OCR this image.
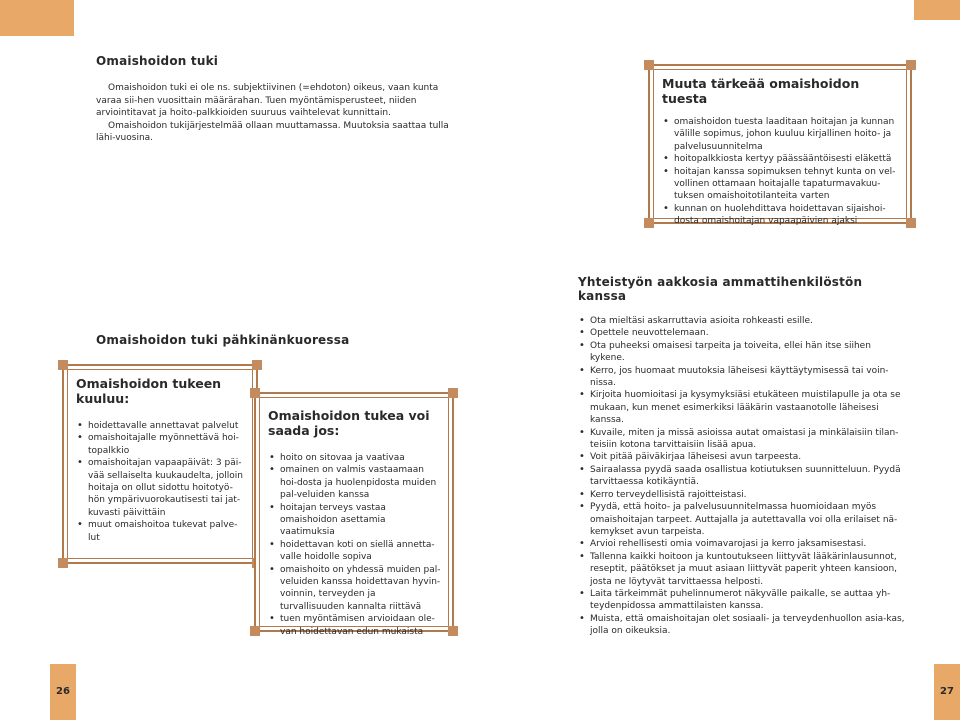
Omaishoidon tuki

Omaishoidon tuki ei ole ns. subjektiivinen (=ehdoton) oikeus, vaan kunta varaa sii-hen vuosittain määrärahan. Tuen myöntämisperusteet, niiden arviointitavat ja hoito-palkkioiden suuruus vaihtelevat kunnittain.

Omaishoidon tukijärjestelmää ollaan muuttamassa. Muutoksia saattaa tulla lähi-vuosina.

Omaishoidon tuki pähkinänkuoressa
Omaishoidon tukeen kuuluu:
• hoidettavalle annettavat palvelut
• omaishoitajalle myönnettävä hoi-topalkkio
• omaishoitajan vapaapäivät: 3 päi-vää sellaiselta kuukaudelta, jolloin hoitaja on ollut sidottu hoitotyö-hön ympärivuorokautisesti tai jat-kuvasti päivittäin
• muut omaishoitoa tukevat palve-lut
Omaishoidon tukea voi saada jos:
• hoito on sitovaa ja vaativaa
• omainen on valmis vastaamaan hoi-dosta ja huolenpidosta muiden pal-veluiden kanssa
• hoitajan terveys vastaa omaishoidon asettamia vaatimuksia
• hoidettavan koti on siellä annetta-valle hoidolle sopiva
• omaishoito on yhdessä muiden pal-veluiden kanssa hoidettavan hyvin-voinnin, terveyden ja turvallisuuden kannalta riittävä
• tuen myöntämisen arvioidaan ole-van hoidettavan edun mukaista
26
Muuta tärkeää omaishoidon tuesta
• omaishoidon tuesta laaditaan hoitajan ja kunnan välille sopimus, johon kuuluu kirjallinen hoito- ja palvelusuunnitelma
• hoitopalkkiosta kertyy päässääntöisesti eläkettä
• hoitajan kanssa sopimuksen tehnyt kunta on vel-vollinen ottamaan hoitajalle tapaturmavakuu-tuksen omaishoitotilanteita varten
• kunnan on huolehdittava hoidettavan sijaishoi-dosta omaishoitajan vapaapäivien ajaksi
Yhteistyön aakkosia ammattihenkilöstön kanssa
• Ota mieltäsi askarruttavia asioita rohkeasti esille.
• Opettele neuvottelemaan.
• Ota puheeksi omaisesi tarpeita ja toiveita, ellei hän itse siihen kykene.
• Kerro, jos huomaat muutoksia läheisesi käyttäytymisessä tai voin-nissa.
• Kirjoita huomioitasi ja kysymyksiäsi etukäteen muistilapulle ja ota se mukaan, kun menet esimerkiksi lääkärin vastaanotolle läheisesi kanssa.
• Kuvaile, miten ja missä asioissa autat omaistasi ja minkälaisiin tilan-teisiin kotona tarvittaisiin lisää apua.
• Voit pitää päiväkirjaa läheisesi avun tarpeesta.
• Sairaalassa pyydä saada osallistua kotiutuksen suunnitteluun. Pyydä tarvittaessa kotikäyntiä.
• Kerro terveydellisistä rajoitteistasi.
• Pyydä, että hoito- ja palvelusuunnitelmassa huomioidaan myös omaishoitajan tarpeet. Auttajalla ja autettavalla voi olla erilaiset nä-kemykset avun tarpeista.
• Arvioi rehellisesti omia voimavarojasi ja kerro jaksamisestasi.
• Tallenna kaikki hoitoon ja kuntoutukseen liittyvät lääkärinlausunnot, reseptit, päätökset ja muut asiaan liittyvät paperit yhteen kansioon, josta ne löytyvät tarvittaessa helposti.
• Laita tärkeimmät puhelinnumerot näkyvälle paikalle, se auttaa yh-teydenpidossa ammattilaisten kanssa.
• Muista, että omaishoitajan olet sosiaali- ja terveydenhuollon asia-kas, jolla on oikeuksia.
27
